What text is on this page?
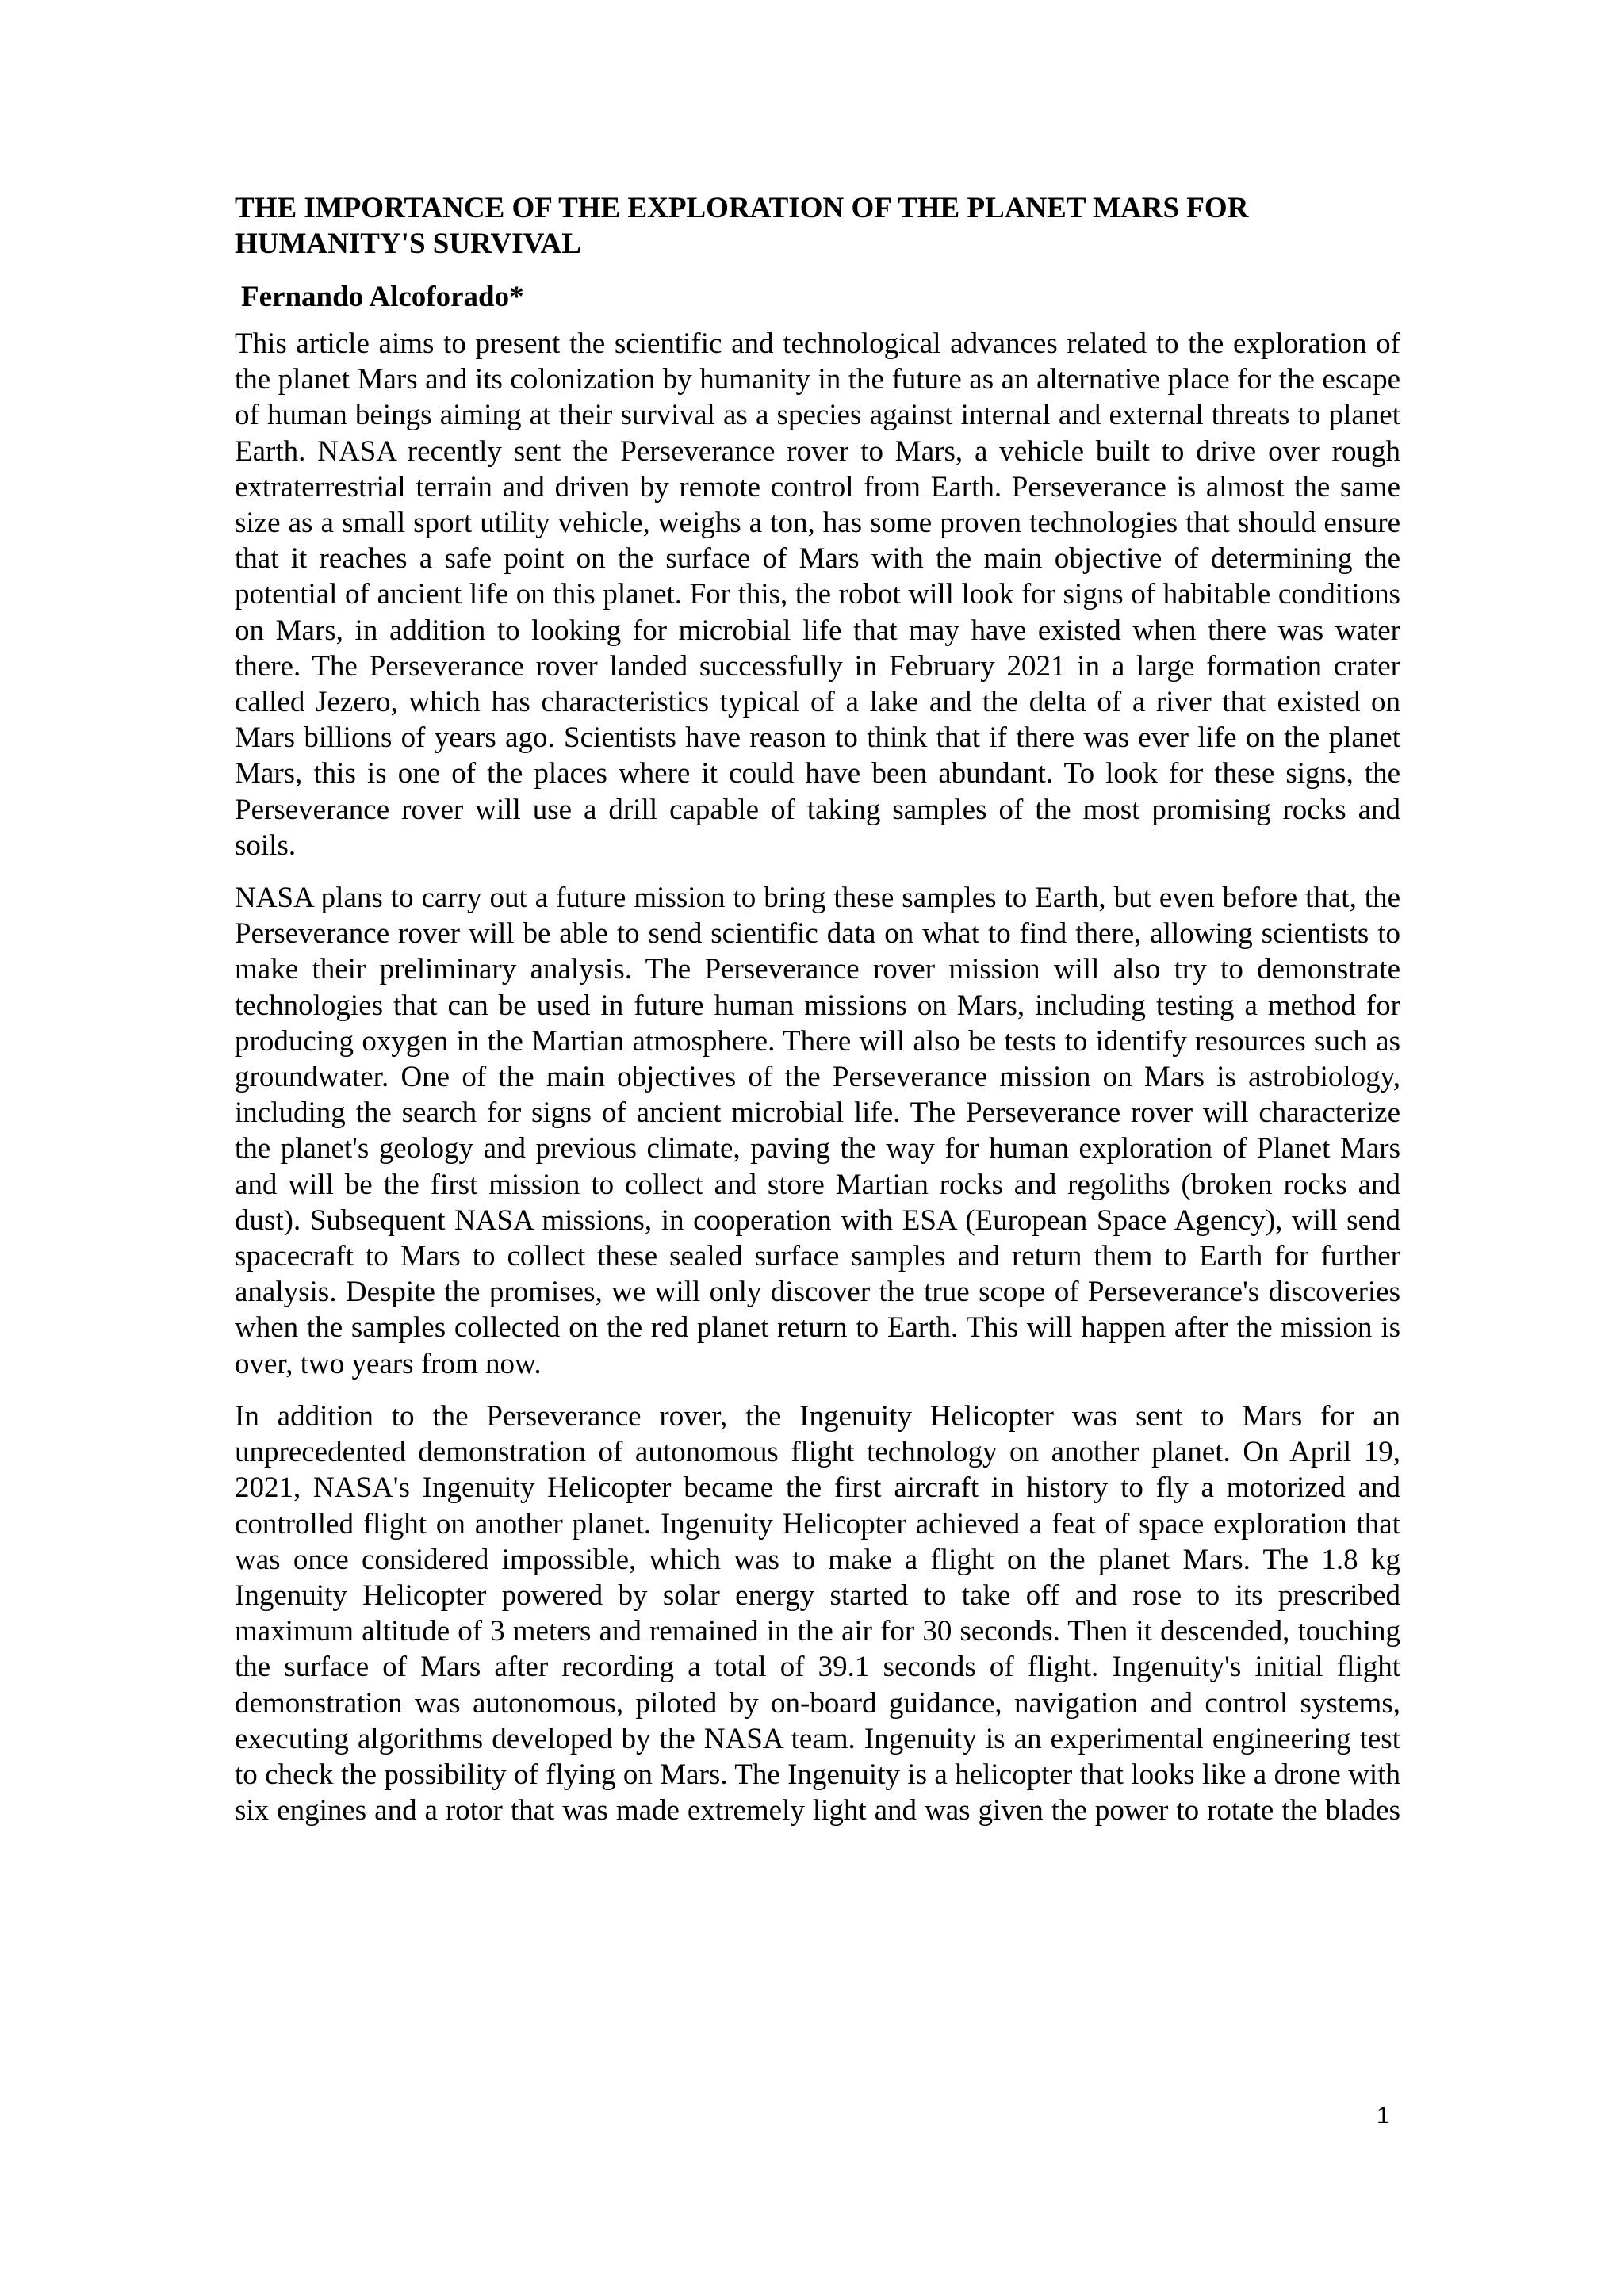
THE IMPORTANCE OF THE EXPLORATION OF THE PLANET MARS FOR HUMANITY'S SURVIVAL
Fernando Alcoforado*

This article aims to present the scientific and technological advances related to the exploration of the planet Mars and its colonization by humanity in the future as an alternative place for the escape of human beings aiming at their survival as a species against internal and external threats to planet Earth. NASA recently sent the Perseverance rover to Mars, a vehicle built to drive over rough extraterrestrial terrain and driven by remote control from Earth. Perseverance is almost the same size as a small sport utility vehicle, weighs a ton, has some proven technologies that should ensure that it reaches a safe point on the surface of Mars with the main objective of determining the potential of ancient life on this planet. For this, the robot will look for signs of habitable conditions on Mars, in addition to looking for microbial life that may have existed when there was water there. The Perseverance rover landed successfully in February 2021 in a large formation crater called Jezero, which has characteristics typical of a lake and the delta of a river that existed on Mars billions of years ago. Scientists have reason to think that if there was ever life on the planet Mars, this is one of the places where it could have been abundant. To look for these signs, the Perseverance rover will use a drill capable of taking samples of the most promising rocks and soils.

NASA plans to carry out a future mission to bring these samples to Earth, but even before that, the Perseverance rover will be able to send scientific data on what to find there, allowing scientists to make their preliminary analysis. The Perseverance rover mission will also try to demonstrate technologies that can be used in future human missions on Mars, including testing a method for producing oxygen in the Martian atmosphere. There will also be tests to identify resources such as groundwater. One of the main objectives of the Perseverance mission on Mars is astrobiology, including the search for signs of ancient microbial life. The Perseverance rover will characterize the planet's geology and previous climate, paving the way for human exploration of Planet Mars and will be the first mission to collect and store Martian rocks and regoliths (broken rocks and dust). Subsequent NASA missions, in cooperation with ESA (European Space Agency), will send spacecraft to Mars to collect these sealed surface samples and return them to Earth for further analysis. Despite the promises, we will only discover the true scope of Perseverance's discoveries when the samples collected on the red planet return to Earth. This will happen after the mission is over, two years from now.

In addition to the Perseverance rover, the Ingenuity Helicopter was sent to Mars for an unprecedented demonstration of autonomous flight technology on another planet. On April 19, 2021, NASA's Ingenuity Helicopter became the first aircraft in history to fly a motorized and controlled flight on another planet. Ingenuity Helicopter achieved a feat of space exploration that was once considered impossible, which was to make a flight on the planet Mars. The 1.8 kg Ingenuity Helicopter powered by solar energy started to take off and rose to its prescribed maximum altitude of 3 meters and remained in the air for 30 seconds. Then it descended, touching the surface of Mars after recording a total of 39.1 seconds of flight. Ingenuity's initial flight demonstration was autonomous, piloted by on-board guidance, navigation and control systems, executing algorithms developed by the NASA team. Ingenuity is an experimental engineering test to check the possibility of flying on Mars. The Ingenuity is a helicopter that looks like a drone with six engines and a rotor that was made extremely light and was given the power to rotate the blades

1
